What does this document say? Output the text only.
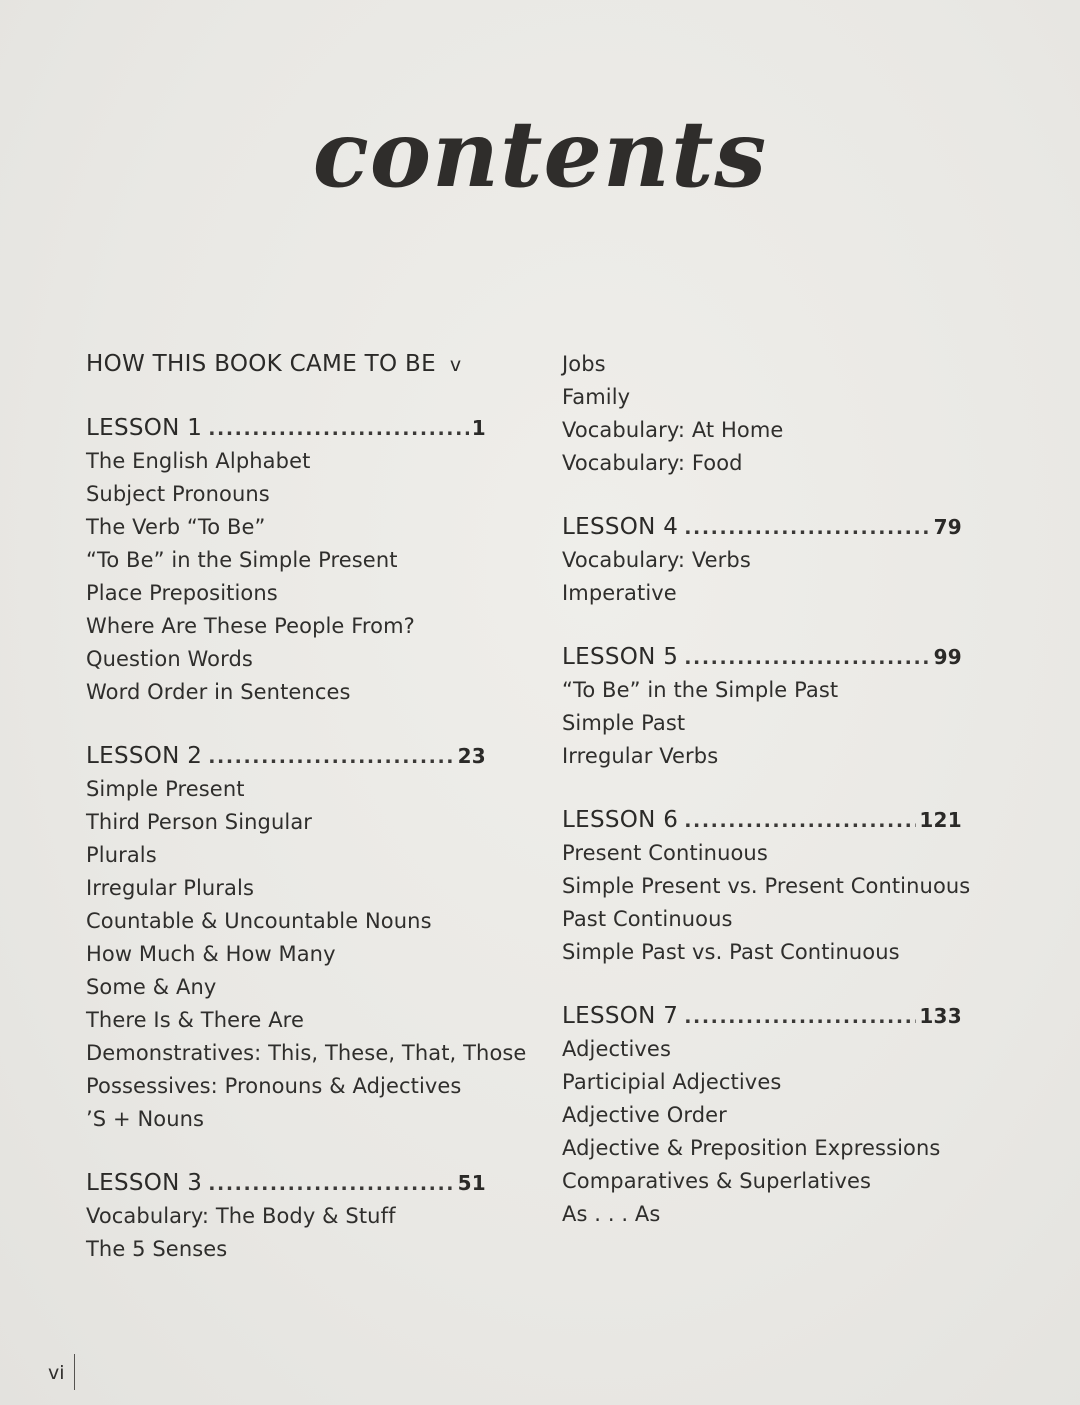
contents
HOW THIS BOOK CAME TO BE v
LESSON 1 .....	1
The English Alphabet
Subject Pronouns
The Verb “To Be”
“To Be” in the Simple Present
Place Prepositions
Where Are These People From?
Question Words
Word Order in Sentences
LESSON 2 .....	23
Simple Present
Third Person Singular
Plurals
Irregular Plurals
Countable & Uncountable Nouns
How Much & How Many
Some & Any
There Is & There Are
Demonstratives: This, These, That, Those
Possessives: Pronouns & Adjectives
’S + Nouns
LESSON 3 .....	51
Vocabulary: The Body & Stuff
The 5 Senses
Jobs
Family
Vocabulary: At Home
Vocabulary: Food
LESSON 4 .....	79
Vocabulary: Verbs
Imperative
LESSON 5 .....	99
“To Be” in the Simple Past
Simple Past
Irregular Verbs
LESSON 6 .....	121
Present Continuous
Simple Present vs. Present Continuous
Past Continuous
Simple Past vs. Past Continuous
LESSON 7 .....	133
Adjectives
Participial Adjectives
Adjective Order
Adjective & Preposition Expressions
Comparatives & Superlatives
As . . . As
vi
